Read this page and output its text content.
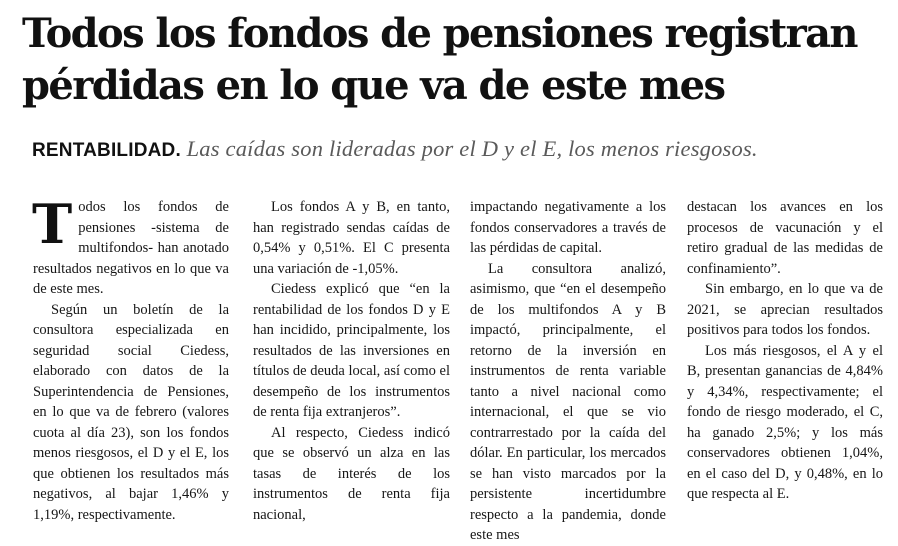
Todos los fondos de pensiones registran
pérdidas en lo que va de este mes
RENTABILIDAD. Las caídas son lideradas por el D y el E, los menos riesgosos.

Todos los fondos de pensiones -sistema de multifondos- han anotado resultados negativos en lo que va de este mes.

Según un boletín de la consultora especializada en seguridad social Ciedess, elaborado con datos de la Superintendencia de Pensiones, en lo que va de febrero (valores cuota al día 23), son los fondos menos riesgosos, el D y el E, los que obtienen los resultados más negativos, al bajar 1,46% y 1,19%, respectivamente.

Los fondos A y B, en tanto, han registrado sendas caídas de 0,54% y 0,51%. El C presenta una variación de -1,05%.

Ciedess explicó que “en la rentabilidad de los fondos D y E han incidido, principalmente, los resultados de las inversiones en títulos de deuda local, así como el desempeño de los instrumentos de renta fija extranjeros”.

Al respecto, Ciedess indicó que se observó un alza en las tasas de interés de los instrumentos de renta fija nacional,

impactando negativamente a los fondos conservadores a través de las pérdidas de capital.

La consultora analizó, asimismo, que “en el desempeño de los multifondos A y B impactó, principalmente, el retorno de la inversión en instrumentos de renta variable tanto a nivel nacional como internacional, el que se vio contrarrestado por la caída del dólar. En particular, los mercados se han visto marcados por la persistente incertidumbre respecto a la pandemia, donde este mes

destacan los avances en los procesos de vacunación y el retiro gradual de las medidas de confinamiento”.

Sin embargo, en lo que va de 2021, se aprecian resultados positivos para todos los fondos.

Los más riesgosos, el A y el B, presentan ganancias de 4,84% y 4,34%, respectivamente; el fondo de riesgo moderado, el C, ha ganado 2,5%; y los más conservadores obtienen 1,04%, en el caso del D, y 0,48%, en lo que respecta al E.
